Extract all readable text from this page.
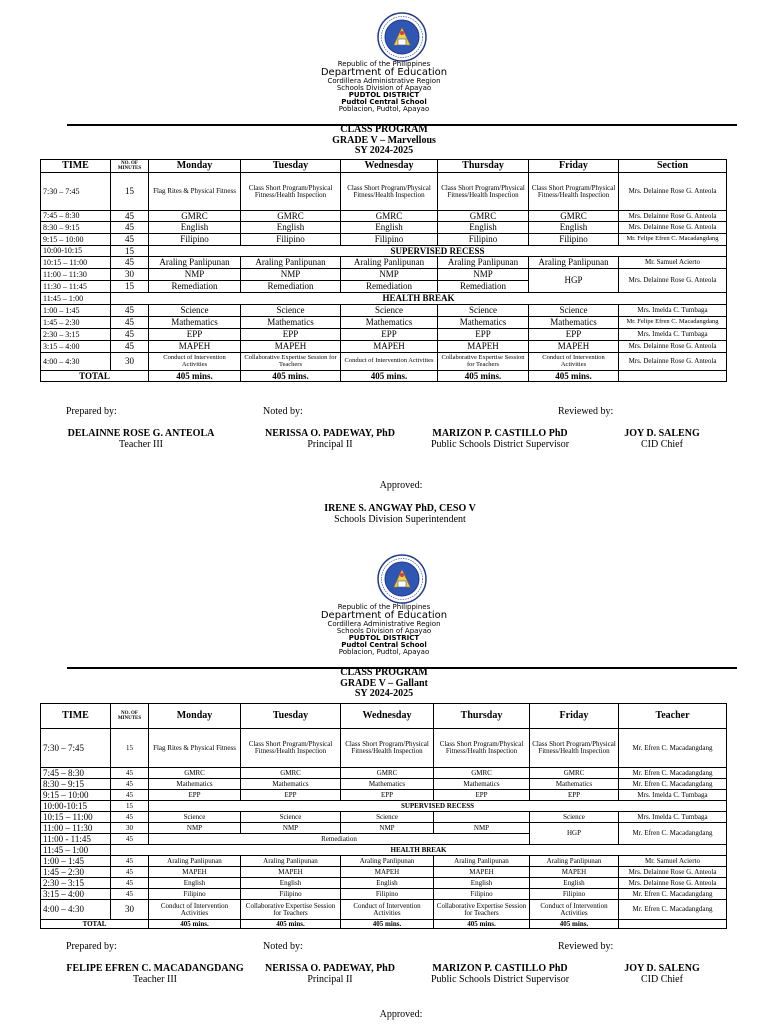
Republic of the Philippines
Department of Education
Cordillera Administrative Region
Schools Division of Apayao
PUDTOL DISTRICT
Pudtol Central School
Poblacion, Pudtol, Apayao
CLASS PROGRAM
GRADE V – Marvellous
SY 2024-2025
TIME	NO. OF MINUTES	Monday	Tuesday	Wednesday	Thursday	Friday	Section
7:30 – 7:45	15	Flag Rites & Physical Fitness	Class Short Program/Physical Fitness/Health Inspection	Class Short Program/Physical Fitness/Health Inspection	Class Short Program/Physical Fitness/Health Inspection	Class Short Program/Physical Fitness/Health Inspection	Mrs. Delainne Rose G. Anteola
7:45 – 8:30	45	GMRC	GMRC	GMRC	GMRC	GMRC	Mrs. Delainne Rose G. Anteola
8:30 – 9:15	45	English	English	English	English	English	Mrs. Delainne Rose G. Anteola
9:15 – 10:00	45	Filipino	Filipino	Filipino	Filipino	Filipino	Mr. Felipe Efren C. Macadangdang
10:00-10:15	15	SUPERVISED RECESS					
10:15 – 11:00	45	Araling Panlipunan	Araling Panlipunan	Araling Panlipunan	Araling Panlipunan	Araling Panlipunan	Mr. Samuel Acierto
11:00 – 11:30	30	NMP	NMP	NMP	NMP	HGP	Mrs. Delainne Rose G. Anteola
11:30 – 11:45	15	Remediation	Remediation	Remediation	Remediation		
11:45 – 1:00	HEALTH BREAK						
1:00 – 1:45	45	Science	Science	Science	Science	Science	Mrs. Imelda C. Tumbaga
1:45 – 2:30	45	Mathematics	Mathematics	Mathematics	Mathematics	Mathematics	Mr. Felipe Efren C. Macadangdang
2:30 – 3:15	45	EPP	EPP	EPP	EPP	EPP	Mrs. Imelda C. Tumbaga
3:15 – 4:00	45	MAPEH	MAPEH	MAPEH	MAPEH	MAPEH	Mrs. Delainne Rose G. Anteola
4:00 – 4:30	30	Conduct of Intervention Activities	Collaborative Expertise Session for Teachers	Conduct of Intervention Activities	Collaborative Expertise Session for Teachers	Conduct of Intervention Activities	Mrs. Delainne Rose G. Anteola
TOTAL		405 mins.	405 mins.	405 mins.	405 mins.	405 mins.	
Prepared by:	Noted by:	Reviewed by:
DELAINNE ROSE G. ANTEOLA
Teacher III
NERISSA O. PADEWAY, PhD
Principal II
MARIZON P. CASTILLO PhD
Public Schools District Supervisor
JOY D. SALENG
CID Chief
Approved:
IRENE S. ANGWAY PhD, CESO V
Schools Division Superintendent
Republic of the Philippines
Department of Education
Cordillera Administrative Region
Schools Division of Apayao
PUDTOL DISTRICT
Pudtol Central School
Poblacion, Pudtol, Apayao
CLASS PROGRAM
GRADE V – Gallant
SY 2024-2025
TIME	NO. OF MINUTES	Monday	Tuesday	Wednesday	Thursday	Friday	Teacher
7:30 – 7:45	15	Flag Rites & Physical Fitness	Class Short Program/Physical Fitness/Health Inspection	Class Short Program/Physical Fitness/Health Inspection	Class Short Program/Physical Fitness/Health Inspection	Class Short Program/Physical Fitness/Health Inspection	Mr. Efren C. Macadangdang
7:45 – 8:30	45	GMRC	GMRC	GMRC	GMRC	GMRC	Mr. Efren C. Macadangdang
8:30 – 9:15	45	Mathematics	Mathematics	Mathematics	Mathematics	Mathematics	Mr. Efren C. Macadangdang
9:15 – 10:00	45	EPP	EPP	EPP	EPP	EPP	Mrs. Imelda C. Tumbaga
10:00-10:15	15	SUPERVISED RECESS					
10:15 – 11:00	45	Science	Science	Science		Science	Mrs. Imelda C. Tumbaga
11:00 – 11:30	30	NMP	NMP	NMP	NMP	HGP	Mr. Efren C. Macadangdang
11:00 - 11:45	45	Remediation					
11:45 – 1:00	HEALTH BREAK						
1:00 – 1:45	45	Araling Panlipunan	Araling Panlipunan	Araling Panlipunan	Araling Panlipunan	Araling Panlipunan	Mr. Samuel Acierto
1:45 – 2:30	45	MAPEH	MAPEH	MAPEH	MAPEH	MAPEH	Mrs. Delainne Rose G. Anteola
2:30 – 3:15	45	English	English	English	English	English	Mrs. Delainne Rose G. Anteola
3:15 – 4:00	45	Filipino	Filipino	Filipino	Filipino	Filipino	Mr. Efren C. Macadangdang
4:00 – 4:30	30	Conduct of Intervention Activities	Collaborative Expertise Session for Teachers	Conduct of Intervention Activities	Collaborative Expertise Session for Teachers	Conduct of Intervention Activities	Mr. Efren C. Macadangdang
TOTAL		405 mins.	405 mins.	405 mins.	405 mins.	405 mins.	
Prepared by:	Noted by:	Reviewed by:
FELIPE EFREN C. MACADANGDANG
Teacher III
NERISSA O. PADEWAY, PhD
Principal II
MARIZON P. CASTILLO PhD
Public Schools District Supervisor
JOY D. SALENG
CID Chief
Approved:
